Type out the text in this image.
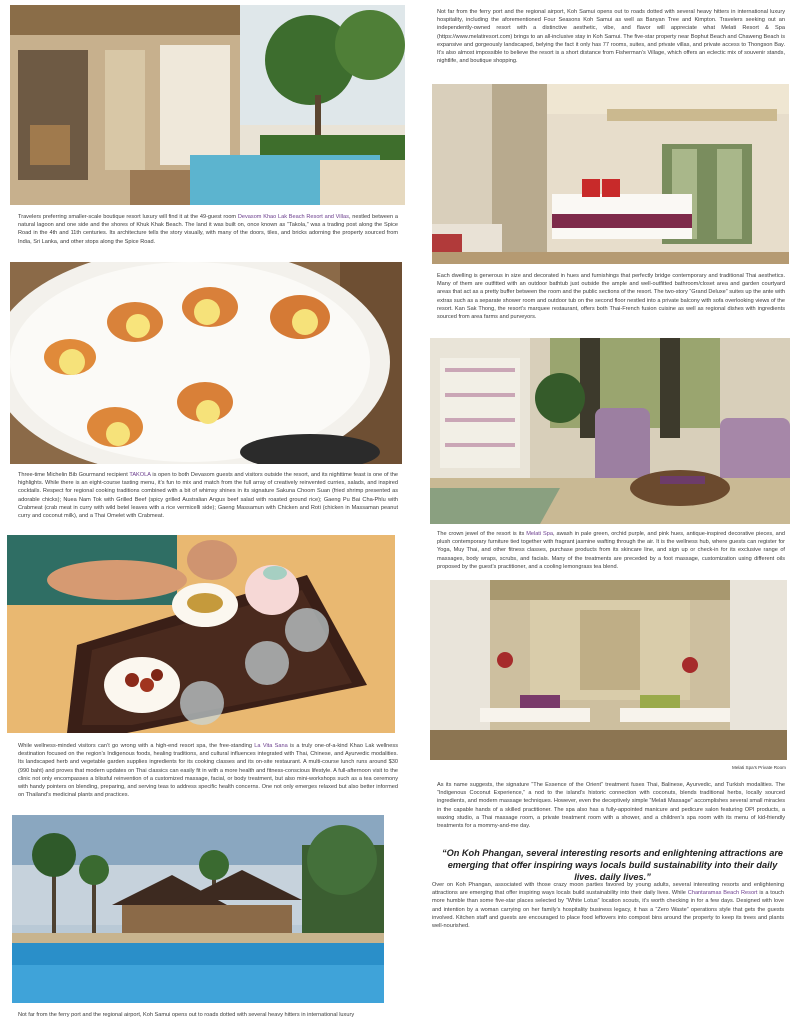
Travelers preferring smaller-scale boutique resort luxury will find it at the 49-guest room Devasom Khao Lak Beach Resort and Villas, nestled between a natural lagoon and one side and the shores of Khuk Khak Beach. The land it was built on, once known as “Takola,” was a trading post along the Spice Road in the 4th and 11th centuries. Its architecture tells the story visually, with many of the doors, tiles, and bricks adorning the property sourced from India, Sri Lanka, and other stops along the Spice Road.
Three-time Michelin Bib Gourmand recipient TAKOLA is open to both Devasom guests and visitors outside the resort, and its nighttime feast is one of the highlights. While there is an eight-course tasting menu, it’s fun to mix and match from the full array of creatively reinvented curries, salads, and inspired cocktails. Respect for regional cooking traditions combined with a bit of whimsy shines in its signature Sakuna Choom Suan (fried shrimp presented as adorable chicks); Nuea Nam Tok with Grilled Beef (spicy grilled Australian Angus beef salad with roasted ground rice); Gaeng Pu Bai Cha-Phlu with Crabmeat (crab meat in curry with wild betel leaves with a rice vermicelli side); Gaeng Massamun with Chicken and Roti (chicken in Massaman peanut curry and coconut milk), and a Thai Omelet with Crabmeat.
While wellness-minded visitors can’t go wrong with a high-end resort spa, the free-standing La Vita Sana is a truly one-of-a-kind Khao Lak wellness destination focused on the region’s Indigenous foods, healing traditions, and cultural influences integrated with Thai, Chinese, and Ayurvedic modalities. Its landscaped herb and vegetable garden supplies ingredients for its cooking classes and its on-site restaurant. A multi-course lunch runs around $30 (990 baht) and proves that modern updates on Thai classics can easily fit in with a more health and fitness-conscious lifestyle. A full-afternoon visit to the clinic not only encompasses a blissful reinvention of a customized massage, facial, or body treatment, but also mini-workshops such as a tea ceremony with handy pointers on blending, preparing, and serving teas to address specific health concerns. One not only emerges relaxed but also better informed on Thailand’s medicinal plants and practices.
Not far from the ferry port and the regional airport, Koh Samui opens out to roads dotted with several heavy hitters in international luxury
Not far from the ferry port and the regional airport, Koh Samui opens out to roads dotted with several heavy hitters in international luxury hospitality, including the aforementioned Four Seasons Koh Samui as well as Banyan Tree and Kimpton. Travelers seeking out an independently-owned resort with a distinctive aesthetic, vibe, and flavor will appreciate what Melati Resort & Spa (https://www.melatiresort.com) brings to an all-inclusive stay in Koh Samui. The five-star property near Bophut Beach and Chaweng Beach is expansive and gorgeously landscaped, belying the fact it only has 77 rooms, suites, and private villas, and private access to Thongson Bay. It’s also almost impossible to believe the resort is a short distance from Fisherman’s Village, which offers an eclectic mix of souvenir stands, nightlife, and boutique shopping.
Each dwelling is generous in size and decorated in hues and furnishings that perfectly bridge contemporary and traditional Thai aesthetics. Many of them are outfitted with an outdoor bathtub just outside the ample and well-outfitted bathroom/closet area and garden courtyard areas that act as a pretty buffer between the room and the public sections of the resort. The two-story “Grand Deluxe” suites up the ante with extras such as a separate shower room and outdoor tub on the second floor nestled into a private balcony with sofa overlooking views of the resort. Kan Sak Thong, the resort’s marquee restaurant, offers both Thai-French fusion cuisine as well as regional dishes with ingredients sourced from area farms and purveyors.
The crown jewel of the resort is its Melati Spa, awash in pale green, orchid purple, and pink hues, antique-inspired decorative pieces, and plush contemporary furniture tied together with fragrant jasmine wafting through the air. It is the wellness hub, where guests can register for Yoga, Muy Thai, and other fitness classes, purchase products from its skincare line, and sign up or check-in for its exclusive range of massages, body wraps, scrubs, and facials. Many of the treatments are preceded by a foot massage, customization using different oils proposed by the guest’s practitioner, and a cooling lemongrass tea blend.
Melati Spa's Private Room
As its name suggests, the signature “The Essence of the Orient” treatment fuses Thai, Balinese, Ayurvedic, and Turkish modalities. The “Indigenous Coconut Experience,” a nod to the island’s historic connection with coconuts, blends traditional herbs, locally sourced ingredients, and modern massage techniques. However, even the deceptively simple “Melati Massage” accomplishes several small miracles in the capable hands of a skilled practitioner. The spa also has a fully-appointed manicure and pedicure salon featuring OPI products, a waxing studio, a Thai massage room, a private treatment room with a shower, and a children’s spa room with its menu of kid-friendly treatments for a mommy-and-me day.
“On Koh Phangan, several interesting resorts and enlightening attractions are emerging that offer inspiring ways locals build sustainability into their daily lives. daily lives.”
Over on Koh Phangan, associated with those crazy moon parties favored by young adults, several interesting resorts and enlightening attractions are emerging that offer inspiring ways locals build sustainability into their daily lives. While Chantaramas Beach Resort is a touch more humble than some five-star places selected by “White Lotus” location scouts, it’s worth checking in for a few days. Designed with love and intention by a woman carrying on her family’s hospitality business legacy, it has a “Zero Waste” operations style that gets the guests involved. Kitchen staff and guests are encouraged to place food leftovers into compost bins around the property to keep its trees and plants well-nourished.
